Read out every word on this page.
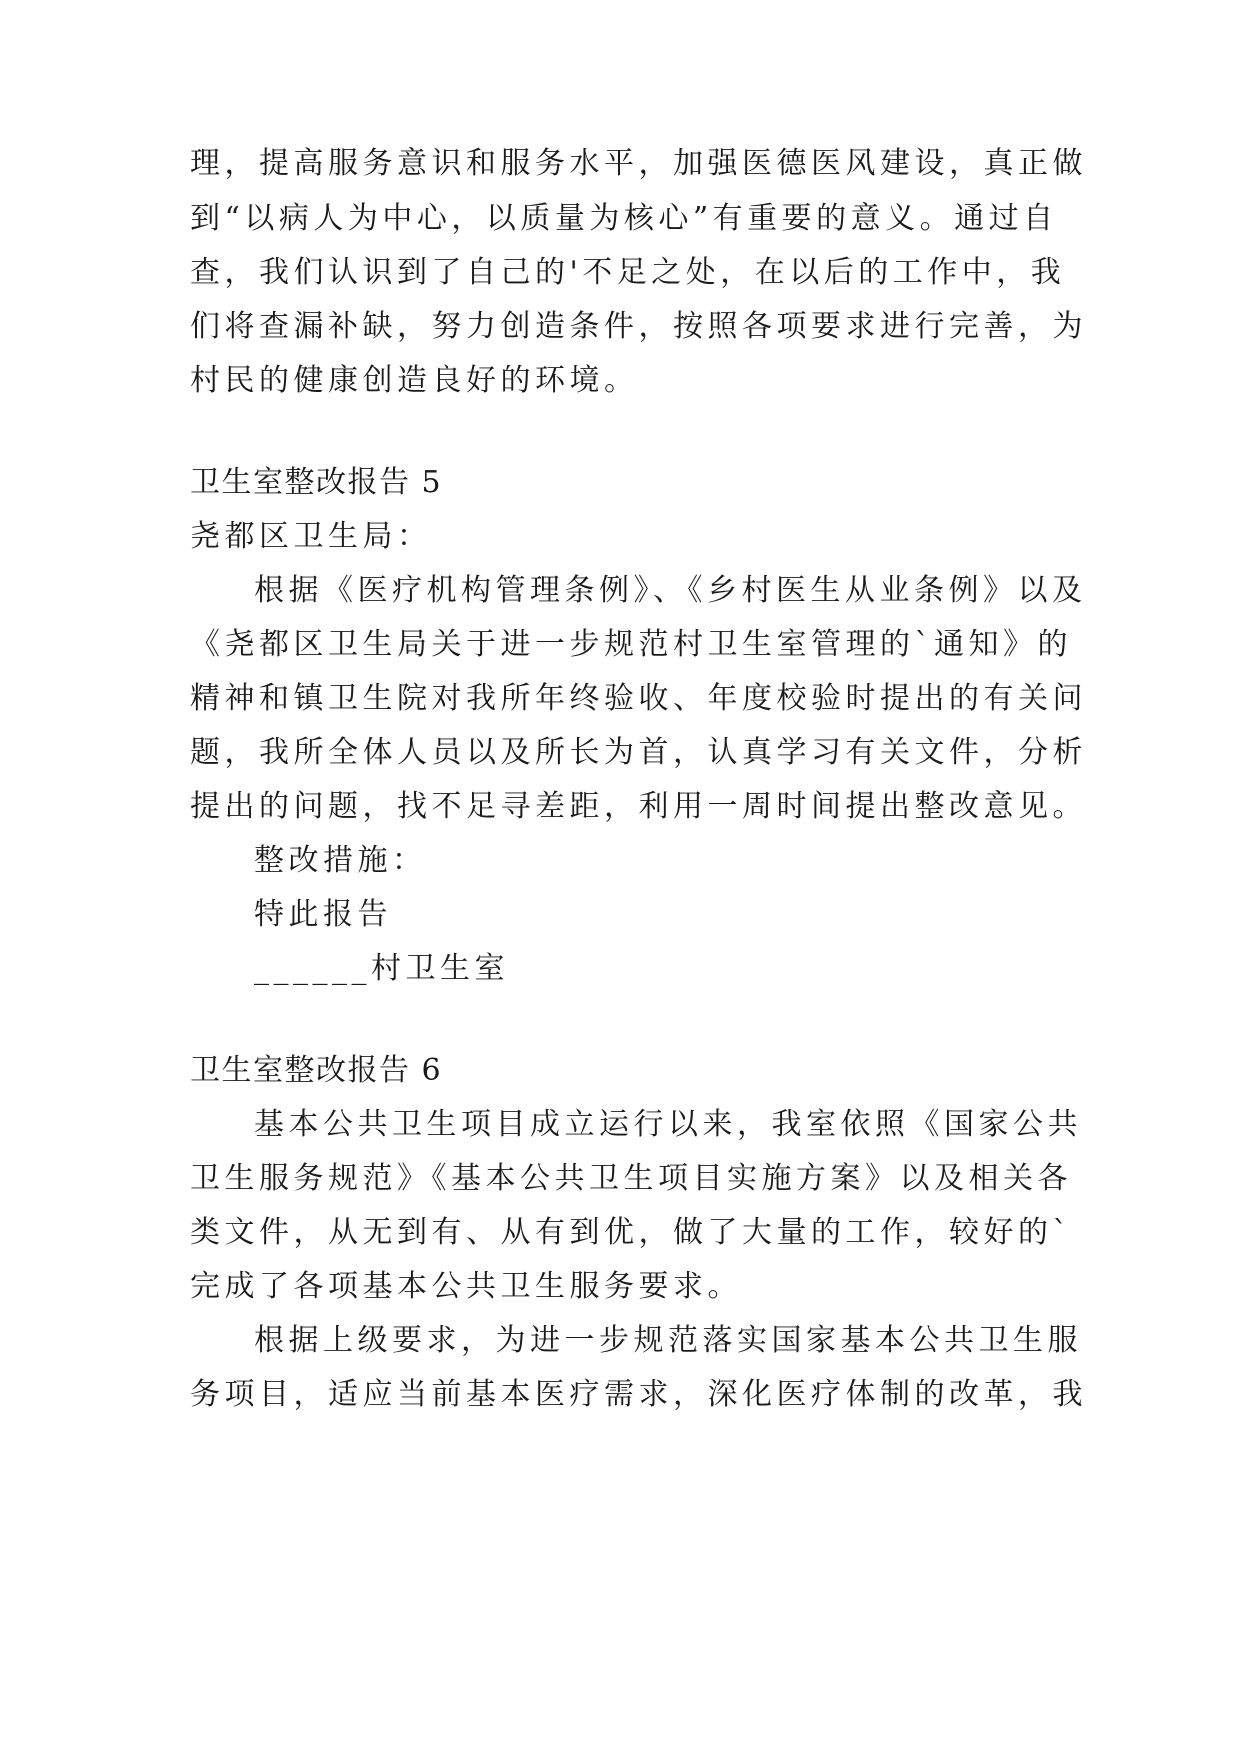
理，提高服务意识和服务水平，加强医德医风建设，真正做
到“以病人为中心，以质量为核心”有重要的意义。通过自
查，我们认识到了自己的'不足之处，在以后的工作中，我
们将查漏补缺，努力创造条件，按照各项要求进行完善，为
村民的健康创造良好的环境。
卫生室整改报告 5
尧都区卫生局：
根据《医疗机构管理条例》、《乡村医生从业条例》以及
《尧都区卫生局关于进一步规范村卫生室管理的`通知》的
精神和镇卫生院对我所年终验收、年度校验时提出的有关问
题，我所全体人员以及所长为首，认真学习有关文件，分析
提出的问题，找不足寻差距，利用一周时间提出整改意见。
整改措施：
特此报告
______村卫生室
卫生室整改报告 6
基本公共卫生项目成立运行以来，我室依照《国家公共
卫生服务规范》《基本公共卫生项目实施方案》以及相关各
类文件，从无到有、从有到优，做了大量的工作，较好的`
完成了各项基本公共卫生服务要求。
根据上级要求，为进一步规范落实国家基本公共卫生服
务项目，适应当前基本医疗需求，深化医疗体制的改革，我
